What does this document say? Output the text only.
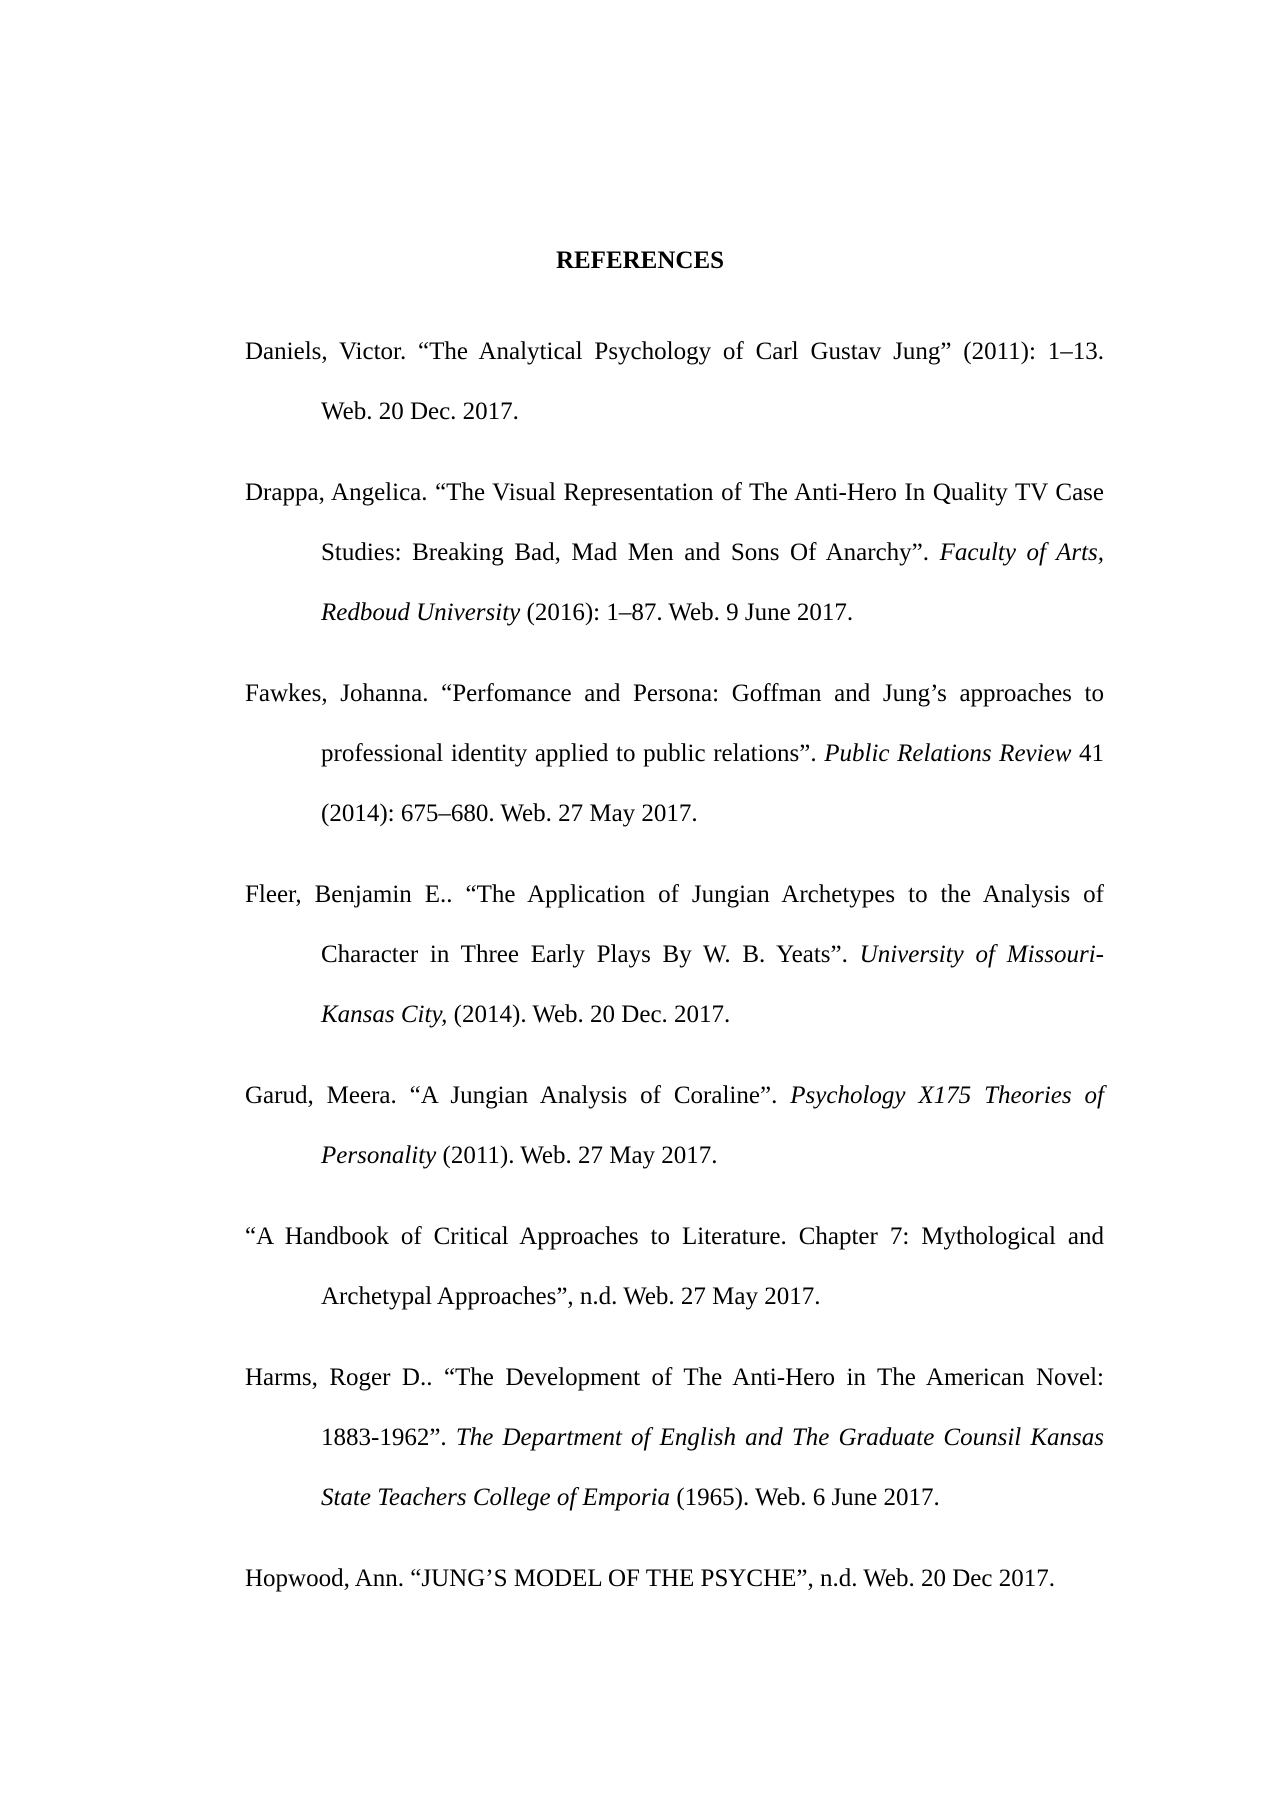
REFERENCES

Daniels, Victor. “The Analytical Psychology of Carl Gustav Jung” (2011): 1–13. Web. 20 Dec. 2017.

Drappa, Angelica. “The Visual Representation of The Anti-Hero In Quality TV Case Studies: Breaking Bad, Mad Men and Sons Of Anarchy”. Faculty of Arts, Redboud University (2016): 1–87. Web. 9 June 2017.

Fawkes, Johanna. “Perfomance and Persona: Goffman and Jung’s approaches to professional identity applied to public relations”. Public Relations Review 41 (2014): 675–680. Web. 27 May 2017.

Fleer, Benjamin E.. “The Application of Jungian Archetypes to the Analysis of Character in Three Early Plays By W. B. Yeats”. University of Missouri-Kansas City, (2014). Web. 20 Dec. 2017.

Garud, Meera. “A Jungian Analysis of Coraline”. Psychology X175 Theories of Personality (2011). Web. 27 May 2017.

“A Handbook of Critical Approaches to Literature. Chapter 7: Mythological and Archetypal Approaches”, n.d. Web. 27 May 2017.

Harms, Roger D.. “The Development of The Anti-Hero in The American Novel: 1883-1962”. The Department of English and The Graduate Counsil Kansas State Teachers College of Emporia (1965). Web. 6 June 2017.

Hopwood, Ann. “JUNG’S MODEL OF THE PSYCHE”, n.d. Web. 20 Dec 2017.
